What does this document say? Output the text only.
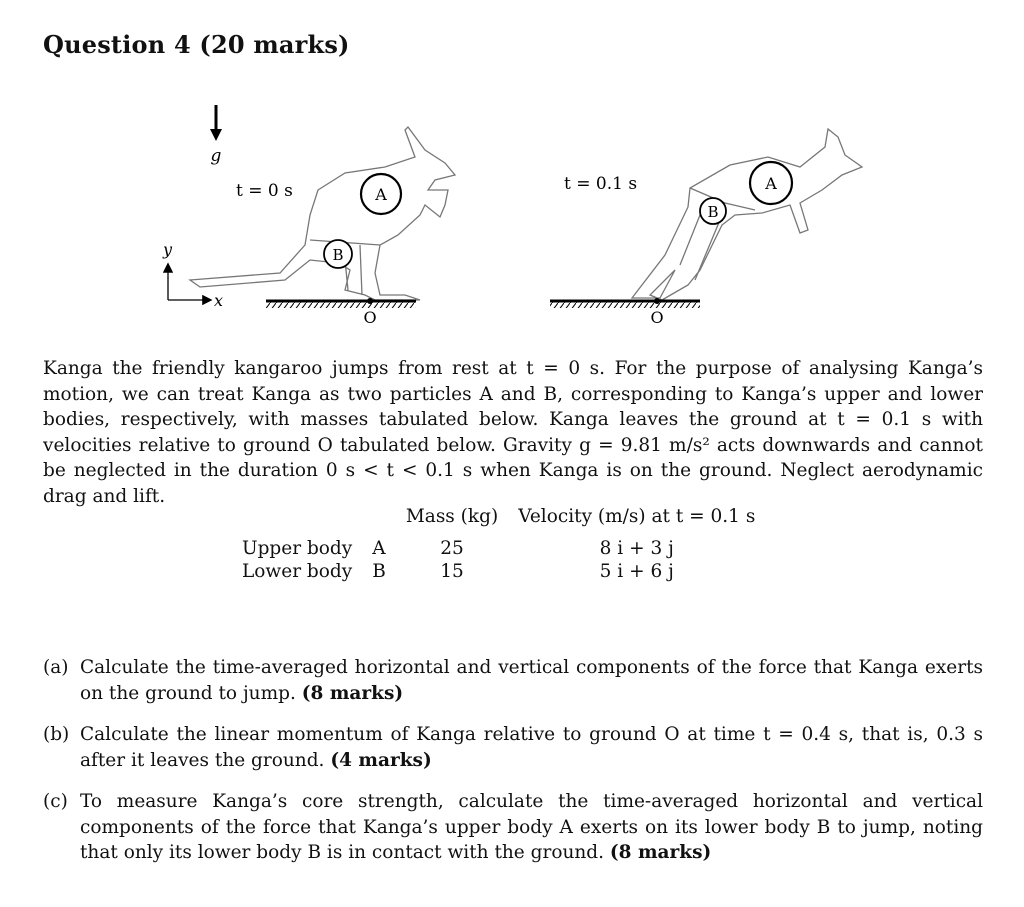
Question 4 (20 marks)
g
y
x
t = 0 s	A
B
O
t = 0.1 s	A
B
O

Kanga the friendly kangaroo jumps from rest at t = 0 s. For the purpose of analysing Kanga’s motion, we can treat Kanga as two particles A and B, corresponding to Kanga’s upper and lower bodies, respectively, with masses tabulated below. Kanga leaves the ground at t = 0.1 s with velocities relative to ground O tabulated below. Gravity g = 9.81 m/s² acts downwards and cannot be neglected in the duration 0 s < t < 0.1 s when Kanga is on the ground. Neglect aerodynamic drag and lift.

		Mass (kg)	Velocity (m/s) at t = 0.1 s
Upper body	A	25	8 i + 3 j
Lower body	B	15	5 i + 6 j
(a) Calculate the time-averaged horizontal and vertical components of the force that Kanga exerts on the ground to jump. (8 marks)
(b) Calculate the linear momentum of Kanga relative to ground O at time t = 0.4 s, that is, 0.3 s after it leaves the ground. (4 marks)
(c) To measure Kanga’s core strength, calculate the time-averaged horizontal and vertical components of the force that Kanga’s upper body A exerts on its lower body B to jump, noting that only its lower body B is in contact with the ground. (8 marks)
